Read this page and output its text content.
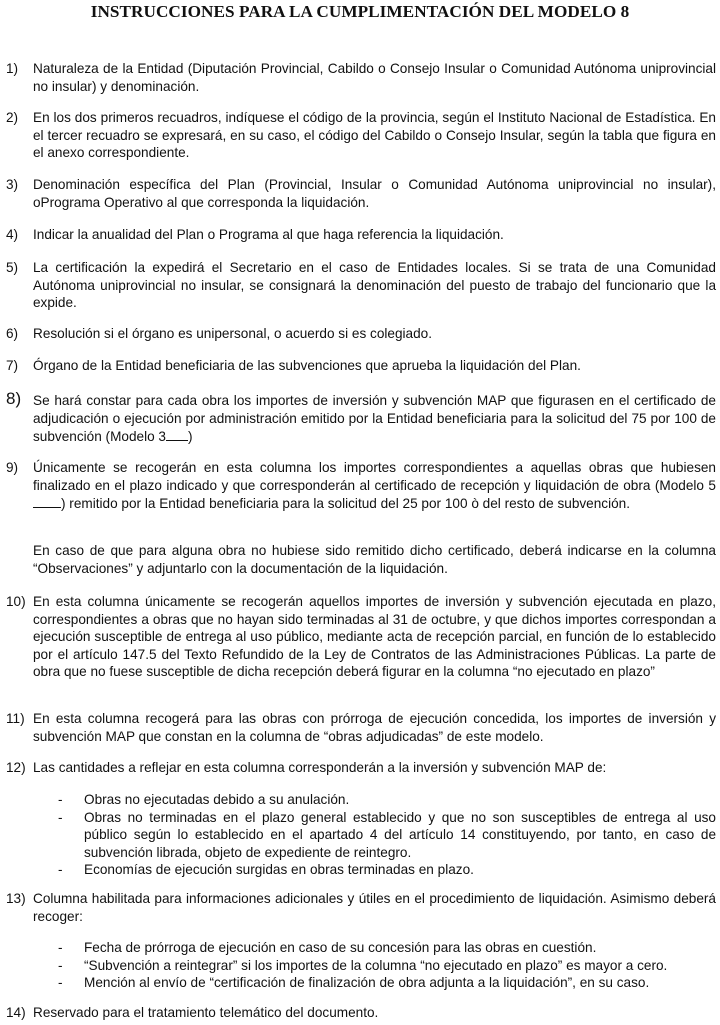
INSTRUCCIONES PARA LA CUMPLIMENTACIÓN DEL MODELO 8
1) Naturaleza de la Entidad (Diputación Provincial, Cabildo o Consejo Insular o Comunidad Autónoma uniprovincial no insular) y denominación.
2) En los dos primeros recuadros, indíquese el código de la provincia, según el Instituto Nacional de Estadística. En el tercer recuadro se expresará, en su caso, el código del Cabildo o Consejo Insular, según la tabla que figura en el anexo correspondiente.
3) Denominación específica del Plan (Provincial, Insular o Comunidad Autónoma uniprovincial no insular), oPrograma Operativo al que corresponda la liquidación.
4) Indicar la anualidad del Plan o Programa al que haga referencia la liquidación.
5) La certificación la expedirá el Secretario en el caso de Entidades locales. Si se trata de una Comunidad Autónoma uniprovincial no insular, se consignará la denominación del puesto de trabajo del funcionario que la expide.
6) Resolución si el órgano es unipersonal, o acuerdo si es colegiado.
7) Órgano de la Entidad beneficiaria de las subvenciones que aprueba la liquidación del Plan.
8) Se hará constar para cada obra los importes de inversión y subvención MAP que figurasen en el certificado de adjudicación o ejecución por administración emitido por la Entidad beneficiaria para la solicitud del 75 por 100 de subvención (Modelo 3 )
9) Únicamente se recogerán en esta columna los importes correspondientes a aquellas obras que hubiesen finalizado en el plazo indicado y que corresponderán al certificado de recepción y liquidación de obra (Modelo 5) remitido por la Entidad beneficiaria para la solicitud del 25 por 100 ò del resto de subvención.
En caso de que para alguna obra no hubiese sido remitido dicho certificado, deberá indicarse en la columna “Observaciones” y adjuntarlo con la documentación de la liquidación.
10) En esta columna únicamente se recogerán aquellos importes de inversión y subvención ejecutada en plazo, correspondientes a obras que no hayan sido terminadas al 31 de octubre, y que dichos importes correspondan a ejecución susceptible de entrega al uso público, mediante acta de recepción parcial, en función de lo establecido por el artículo 147.5 del Texto Refundido de la Ley de Contratos de las Administraciones Públicas. La parte de obra que no fuese susceptible de dicha recepción deberá figurar en la columna “no ejecutado en plazo”
11) En esta columna recogerá para las obras con prórroga de ejecución concedida, los importes de inversión y subvención MAP que constan en la columna de “obras adjudicadas” de este modelo.
12) Las cantidades a reflejar en esta columna corresponderán a la inversión y subvención MAP de:
- Obras no ejecutadas debido a su anulación.
- Obras no terminadas en el plazo general establecido y que no son susceptibles de entrega al uso público según lo establecido en el apartado 4 del artículo 14 constituyendo, por tanto, en caso de subvención librada, objeto de expediente de reintegro.
- Economías de ejecución surgidas en obras terminadas en plazo.
13) Columna habilitada para informaciones adicionales y útiles en el procedimiento de liquidación. Asimismo deberá recoger:
- Fecha de prórroga de ejecución en caso de su concesión para las obras en cuestión.
- “Subvención a reintegrar” si los importes de la columna “no ejecutado en plazo” es mayor a cero.
- Mención al envío de “certificación de finalización de obra adjunta a la liquidación”, en su caso.
14) Reservado para el tratamiento telemático del documento.
